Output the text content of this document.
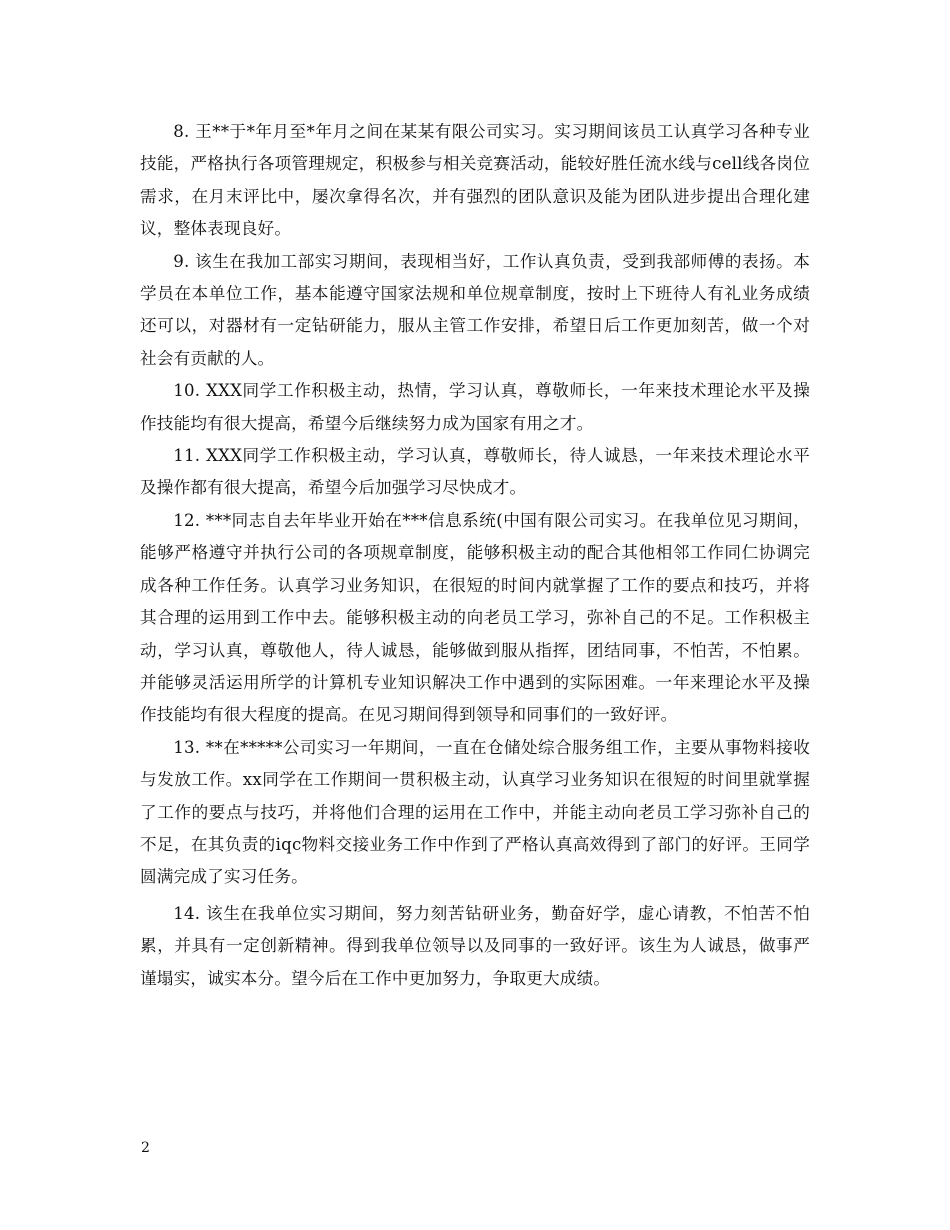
8. 王**于*年月至*年月之间在某某有限公司实习。实习期间该员工认真学习各种专业技能，严格执行各项管理规定，积极参与相关竞赛活动，能较好胜任流水线与cell线各岗位需求，在月末评比中，屡次拿得名次，并有强烈的团队意识及能为团队进步提出合理化建议，整体表现良好。

9. 该生在我加工部实习期间，表现相当好，工作认真负责，受到我部师傅的表扬。本学员在本单位工作，基本能遵守国家法规和单位规章制度，按时上下班待人有礼业务成绩还可以，对器材有一定钻研能力，服从主管工作安排，希望日后工作更加刻苦，做一个对社会有贡献的人。

10. XXX同学工作积极主动，热情，学习认真，尊敬师长，一年来技术理论水平及操作技能均有很大提高，希望今后继续努力成为国家有用之才。

11. XXX同学工作积极主动，学习认真，尊敬师长，待人诚恳，一年来技术理论水平及操作都有很大提高，希望今后加强学习尽快成才。

12. ***同志自去年毕业开始在***信息系统(中国有限公司实习。在我单位见习期间，能够严格遵守并执行公司的各项规章制度，能够积极主动的配合其他相邻工作同仁协调完成各种工作任务。认真学习业务知识，在很短的时间内就掌握了工作的要点和技巧，并将其合理的运用到工作中去。能够积极主动的向老员工学习，弥补自己的不足。工作积极主动，学习认真，尊敬他人，待人诚恳，能够做到服从指挥，团结同事，不怕苦，不怕累。并能够灵活运用所学的计算机专业知识解决工作中遇到的实际困难。一年来理论水平及操作技能均有很大程度的提高。在见习期间得到领导和同事们的一致好评。

13. **在*****公司实习一年期间，一直在仓储处综合服务组工作，主要从事物料接收与发放工作。xx同学在工作期间一贯积极主动，认真学习业务知识在很短的时间里就掌握了工作的要点与技巧，并将他们合理的运用在工作中，并能主动向老员工学习弥补自己的不足，在其负责的iqc物料交接业务工作中作到了严格认真高效得到了部门的好评。王同学圆满完成了实习任务。

14. 该生在我单位实习期间，努力刻苦钻研业务，勤奋好学，虚心请教，不怕苦不怕累，并具有一定创新精神。得到我单位领导以及同事的一致好评。该生为人诚恳，做事严谨塌实，诚实本分。望今后在工作中更加努力，争取更大成绩。

2
